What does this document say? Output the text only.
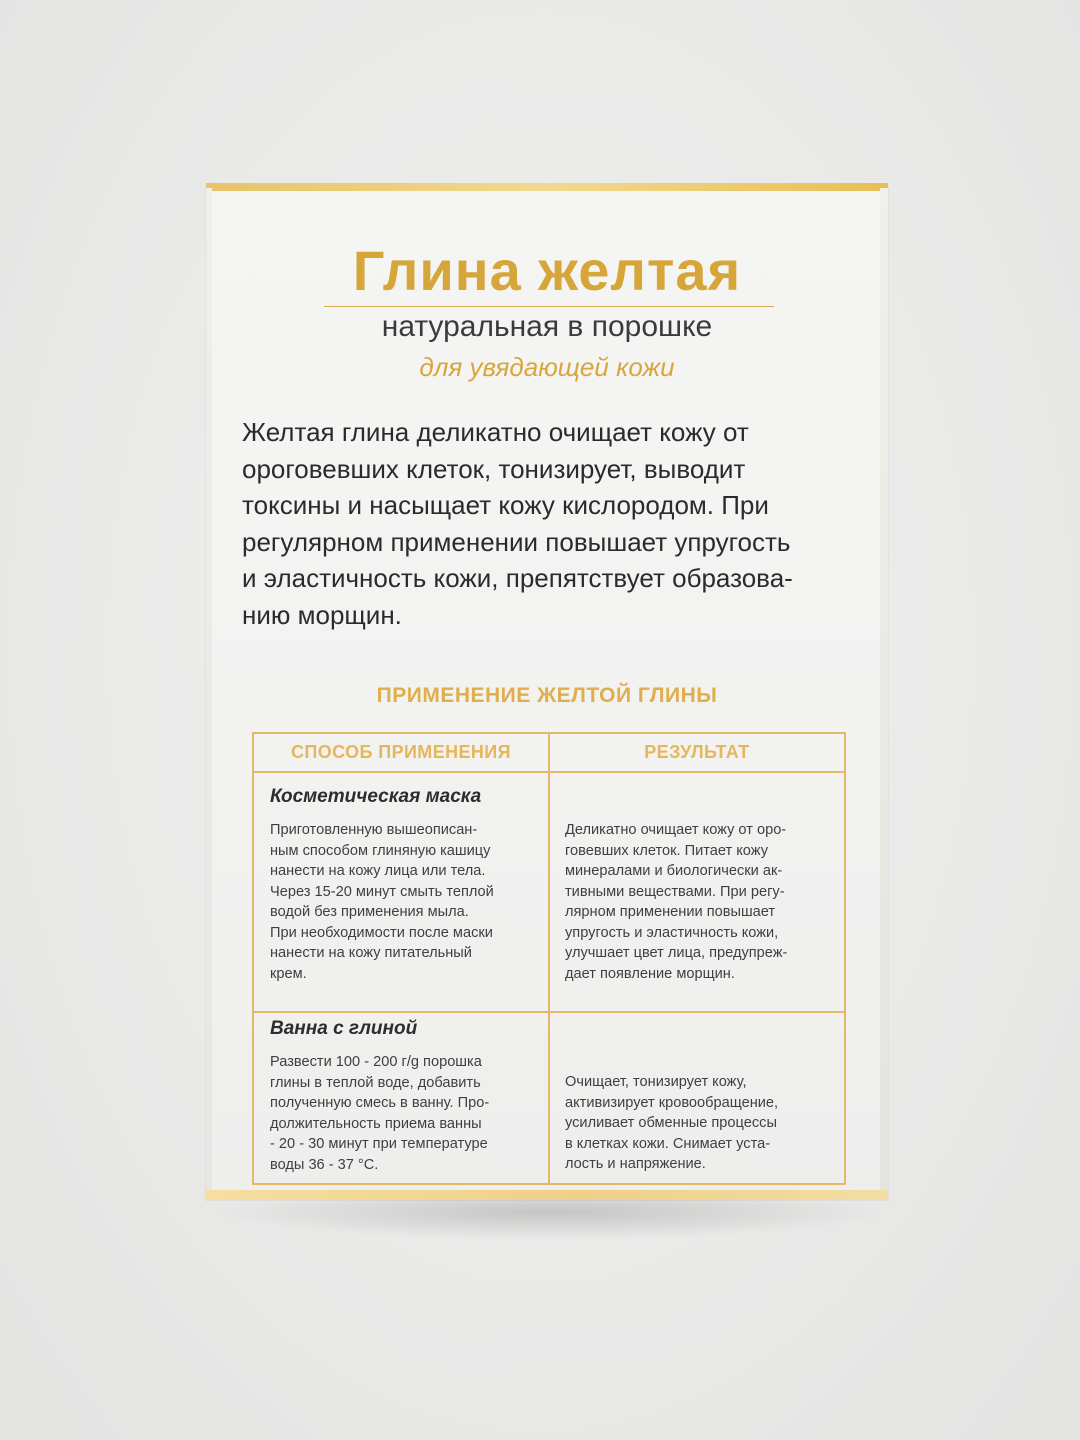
Глина желтая
натуральная в порошке
для увядающей кожи
Желтая глина деликатно очищает кожу от
ороговевших клеток, тонизирует, выводит
токсины и насыщает кожу кислородом. При
регулярном применении повышает упругость
и эластичность кожи, препятствует образова-
нию морщин.
ПРИМЕНЕНИЕ ЖЕЛТОЙ ГЛИНЫ
СПОСОБ ПРИМЕНЕНИЯ	РЕЗУЛЬТАТ
Косметическая маска
Приготовленную вышеописан-
ным способом глиняную кашицу
нанести на кожу лица или тела.
Через 15-20 минут смыть теплой
водой без применения мыла.
При необходимости после маски
нанести на кожу питательный
крем.
Деликатно очищает кожу от оро-
говевших клеток. Питает кожу
минералами и биологически ак-
тивными веществами. При регу-
лярном применении повышает
упругость и эластичность кожи,
улучшает цвет лица, предупреж-
дает появление морщин.
Ванна с глиной
Развести 100 - 200 г/g порошка
глины в теплой воде, добавить
полученную смесь в ванну. Про-
должительность приема ванны
- 20 - 30 минут при температуре
воды 36 - 37 °С.
Очищает, тонизирует кожу,
активизирует кровообращение,
усиливает обменные процессы
в клетках кожи. Снимает уста-
лость и напряжение.
